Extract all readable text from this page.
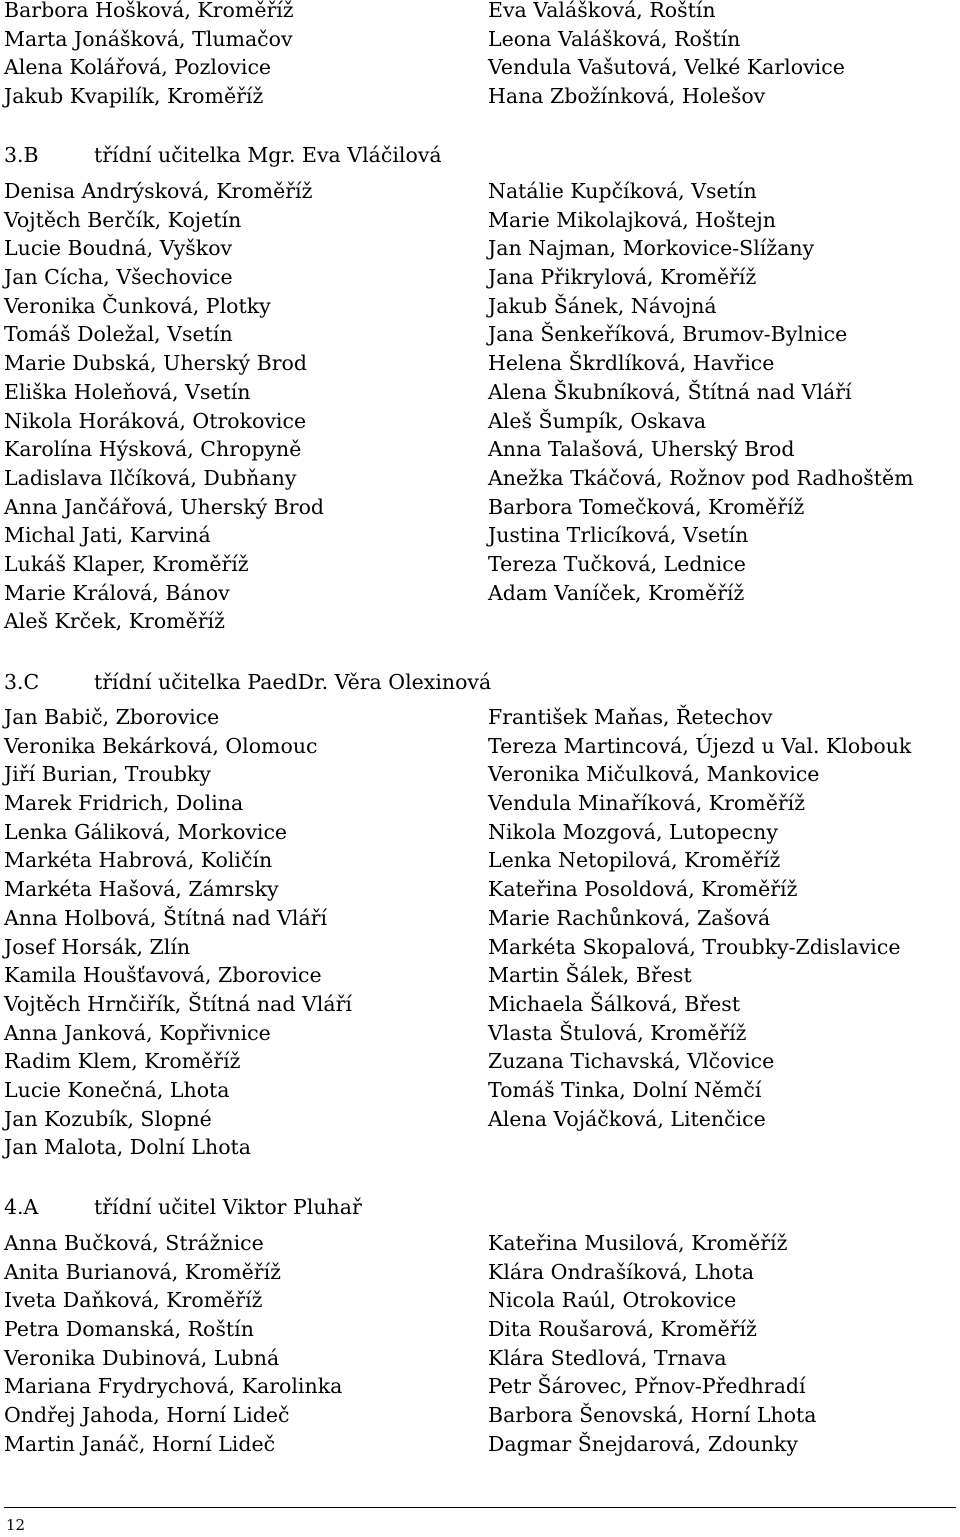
Barbora Hošková, Kroměříž
Marta Jonášková, Tlumačov
Alena Kolářová, Pozlovice
Jakub Kvapilík, Kroměříž
Eva Valášková, Roštín
Leona Valášková, Roštín
Vendula Vašutová, Velké Karlovice
Hana Zbožínková, Holešov
3.B	třídní učitelka Mgr. Eva Vláčilová
Denisa Andrýsková, Kroměříž
Vojtěch Berčík, Kojetín
Lucie Boudná, Vyškov
Jan Cícha, Všechovice
Veronika Čunková, Plotky
Tomáš Doležal, Vsetín
Marie Dubská, Uherský Brod
Eliška Holeňová, Vsetín
Nikola Horáková, Otrokovice
Karolína Hýsková, Chropyně
Ladislava Ilčíková, Dubňany
Anna Jančářová, Uherský Brod
Michal Jati, Karviná
Lukáš Klaper, Kroměříž
Marie Králová, Bánov
Aleš Krček, Kroměříž
Natálie Kupčíková, Vsetín
Marie Mikolajková, Hoštejn
Jan Najman, Morkovice-Slížany
Jana Přikrylová, Kroměříž
Jakub Šánek, Návojná
Jana Šenkeříková, Brumov-Bylnice
Helena Škrdlíková, Havřice
Alena Škubníková, Štítná nad Vláří
Aleš Šumpík, Oskava
Anna Talašová, Uherský Brod
Anežka Tkáčová, Rožnov pod Radhoštěm
Barbora Tomečková, Kroměříž
Justina Trlicíková, Vsetín
Tereza Tučková, Lednice
Adam Vaníček, Kroměříž
3.C	třídní učitelka PaedDr. Věra Olexinová
Jan Babič, Zborovice
Veronika Bekárková, Olomouc
Jiří Burian, Troubky
Marek Fridrich, Dolina
Lenka Gáliková, Morkovice
Markéta Habrová, Količín
Markéta Hašová, Zámrsky
Anna Holbová, Štítná nad Vláří
Josef Horsák, Zlín
Kamila Houšťavová, Zborovice
Vojtěch Hrnčiřík, Štítná nad Vláří
Anna Janková, Kopřivnice
Radim Klem, Kroměříž
Lucie Konečná, Lhota
Jan Kozubík, Slopné
Jan Malota, Dolní Lhota
František Maňas, Řetechov
Tereza Martincová, Újezd u Val. Klobouk
Veronika Mičulková, Mankovice
Vendula Minaříková, Kroměříž
Nikola Mozgová, Lutopecny
Lenka Netopilová, Kroměříž
Kateřina Posoldová, Kroměříž
Marie Rachůnková, Zašová
Markéta Skopalová, Troubky-Zdislavice
Martin Šálek, Břest
Michaela Šálková, Břest
Vlasta Štulová, Kroměříž
Zuzana Tichavská, Vlčovice
Tomáš Tinka, Dolní Němčí
Alena Vojáčková, Litenčice
4.A	třídní učitel Viktor Pluhař
Anna Bučková, Strážnice
Anita Burianová, Kroměříž
Iveta Daňková, Kroměříž
Petra Domanská, Roštín
Veronika Dubinová, Lubná
Mariana Frydrychová, Karolinka
Ondřej Jahoda, Horní Lideč
Martin Janáč, Horní Lideč
Kateřina Musilová, Kroměříž
Klára Ondrašíková, Lhota
Nicola Raúl, Otrokovice
Dita Roušarová, Kroměříž
Klára Stedlová, Trnava
Petr Šárovec, Přnov-Předhradí
Barbora Šenovská, Horní Lhota
Dagmar Šnejdarová, Zdounky
12
